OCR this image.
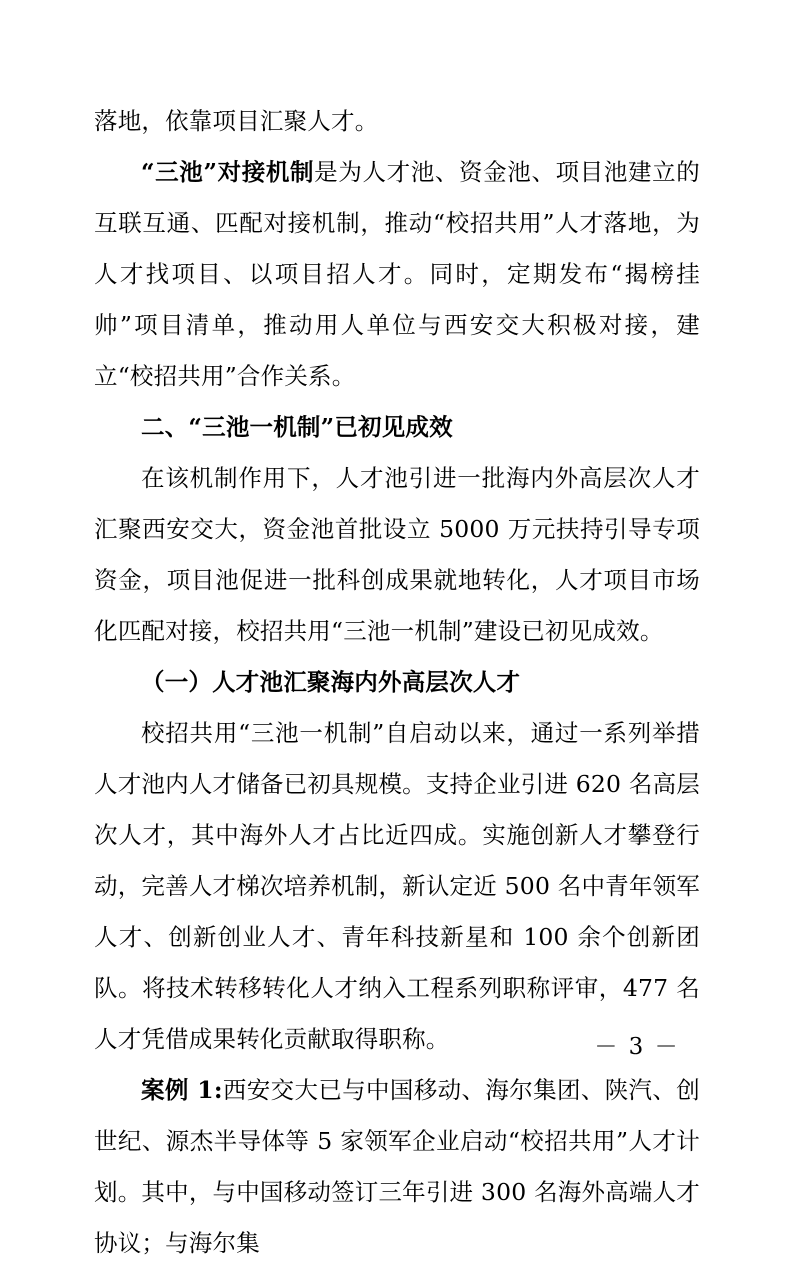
落地，依靠项目汇聚人才。

“三池”对接机制是为人才池、资金池、项目池建立的互联互通、匹配对接机制，推动“校招共用”人才落地，为人才找项目、以项目招人才。同时，定期发布“揭榜挂帅”项目清单，推动用人单位与西安交大积极对接，建立“校招共用”合作关系。

二、“三池一机制”已初见成效

在该机制作用下，人才池引进一批海内外高层次人才汇聚西安交大，资金池首批设立 5000 万元扶持引导专项资金，项目池促进一批科创成果就地转化，人才项目市场化匹配对接，校招共用“三池一机制”建设已初见成效。

（一）人才池汇聚海内外高层次人才

校招共用“三池一机制”自启动以来，通过一系列举措人才池内人才储备已初具规模。支持企业引进 620 名高层次人才，其中海外人才占比近四成。实施创新人才攀登行动，完善人才梯次培养机制，新认定近 500 名中青年领军人才、创新创业人才、青年科技新星和 100 余个创新团队。将技术转移转化人才纳入工程系列职称评审，477 名人才凭借成果转化贡献取得职称。

案例 1:西安交大已与中国移动、海尔集团、陕汽、创世纪、源杰半导体等 5 家领军企业启动“校招共用”人才计划。其中，与中国移动签订三年引进 300 名海外高端人才协议；与海尔集

－ 3 －
